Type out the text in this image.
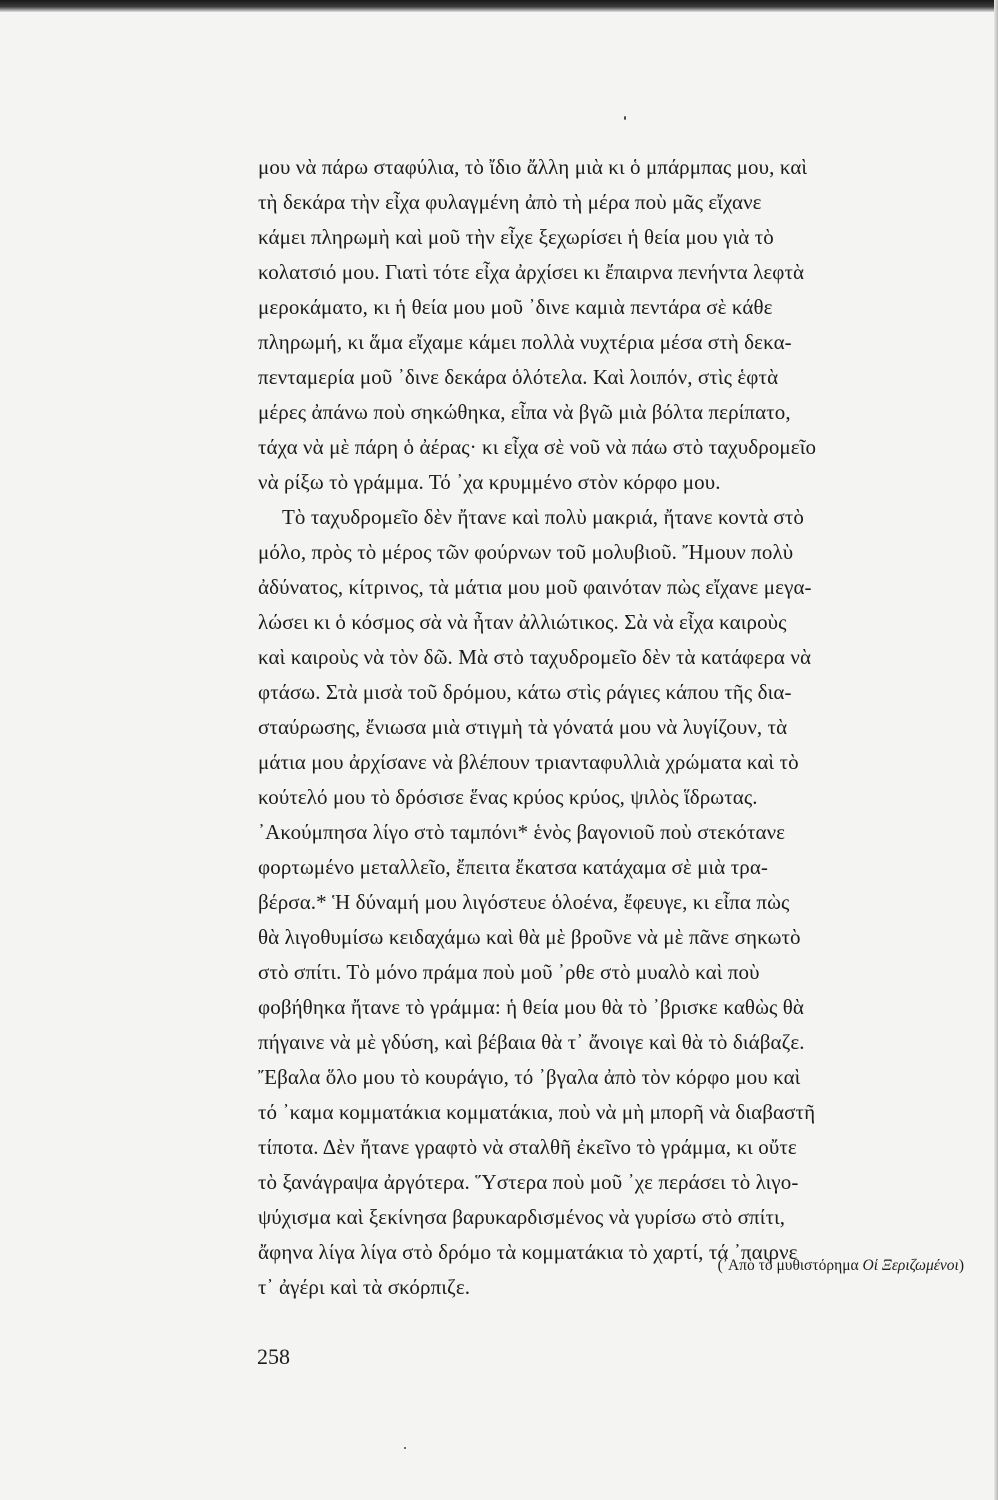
μου νὰ πάρω σταφύλια, τὸ ἴδιο ἄλλη μιὰ κι ὁ μπάρμπας μου, καὶ
τὴ δεκάρα τὴν εἶχα φυλαγμένη ἀπὸ τὴ μέρα ποὺ μᾶς εἴχανε
κάμει πληρωμὴ καὶ μοῦ τὴν εἶχε ξεχωρίσει ἡ θεία μου γιὰ τὸ
κολατσιό μου. Γιατὶ τότε εἶχα ἀρχίσει κι ἔπαιρνα πενήντα λεφτὰ
μεροκάματο, κι ἡ θεία μου μοῦ ᾿δινε καμιὰ πεντάρα σὲ κάθε
πληρωμή, κι ἅμα εἴχαμε κάμει πολλὰ νυχτέρια μέσα στὴ δεκα-
πενταμερία μοῦ ᾿δινε δεκάρα ὁλότελα. Καὶ λοιπόν, στὶς ἑφτὰ
μέρες ἀπάνω ποὺ σηκώθηκα, εἶπα νὰ βγῶ μιὰ βόλτα περίπατο,
τάχα νὰ μὲ πάρη ὁ ἀέρας· κι εἶχα σὲ νοῦ νὰ πάω στὸ ταχυδρομεῖο
νὰ ρίξω τὸ γράμμα. Τό ᾿χα κρυμμένο στὸν κόρφο μου.
Τὸ ταχυδρομεῖο δὲν ἤτανε καὶ πολὺ μακριά, ἤτανε κοντὰ στὸ
μόλο, πρὸς τὸ μέρος τῶν φούρνων τοῦ μολυβιοῦ. Ἤμουν πολὺ
ἀδύνατος, κίτρινος, τὰ μάτια μου μοῦ φαινόταν πὼς εἴχανε μεγα-
λώσει κι ὁ κόσμος σὰ νὰ ἦταν ἀλλιώτικος. Σὰ νὰ εἶχα καιροὺς
καὶ καιροὺς νὰ τὸν δῶ. Μὰ στὸ ταχυδρομεῖο δὲν τὰ κατάφερα νὰ
φτάσω. Στὰ μισὰ τοῦ δρόμου, κάτω στὶς ράγιες κάπου τῆς δια-
σταύρωσης, ἔνιωσα μιὰ στιγμὴ τὰ γόνατά μου νὰ λυγίζουν, τὰ
μάτια μου ἀρχίσανε νὰ βλέπουν τριανταφυλλιὰ χρώματα καὶ τὸ
κούτελό μου τὸ δρόσισε ἕνας κρύος κρύος, ψιλὸς ἵδρωτας.
᾿Ακούμπησα λίγο στὸ ταμπόνι* ἑνὸς βαγονιοῦ ποὺ στεκότανε
φορτωμένο μεταλλεῖο, ἔπειτα ἔκατσα κατάχαμα σὲ μιὰ τρα-
βέρσα.* Ἡ δύναμή μου λιγόστευε ὁλοένα, ἔφευγε, κι εἶπα πὼς
θὰ λιγοθυμίσω κειδαχάμω καὶ θὰ μὲ βροῦνε νὰ μὲ πᾶνε σηκωτὸ
στὸ σπίτι. Τὸ μόνο πράμα ποὺ μοῦ ᾿ρθε στὸ μυαλὸ καὶ ποὺ
φοβήθηκα ἤτανε τὸ γράμμα: ἡ θεία μου θὰ τὸ ᾿βρισκε καθὼς θὰ
πήγαινε νὰ μὲ γδύση, καὶ βέβαια θὰ τ᾿ ἄνοιγε καὶ θὰ τὸ διάβαζε.
Ἔβαλα ὅλο μου τὸ κουράγιο, τό ᾿βγαλα ἀπὸ τὸν κόρφο μου καὶ
τό ᾿καμα κομματάκια κομματάκια, ποὺ νὰ μὴ μπορῆ νὰ διαβαστῆ
τίποτα. Δὲν ἤτανε γραφτὸ νὰ σταλθῆ ἐκεῖνο τὸ γράμμα, κι οὔτε
τὸ ξανάγραψα ἀργότερα. Ὕστερα ποὺ μοῦ ᾿χε περάσει τὸ λιγο-
ψύχισμα καὶ ξεκίνησα βαρυκαρδισμένος νὰ γυρίσω στὸ σπίτι,
ἄφηνα λίγα λίγα στὸ δρόμο τὰ κομματάκια τὸ χαρτί, τά ᾿παιρνε
τ᾿ ἀγέρι καὶ τὰ σκόρπιζε.
(᾿Απὸ τὸ μυθιστόρημα Οἱ Ξεριζωμένοι)
258
